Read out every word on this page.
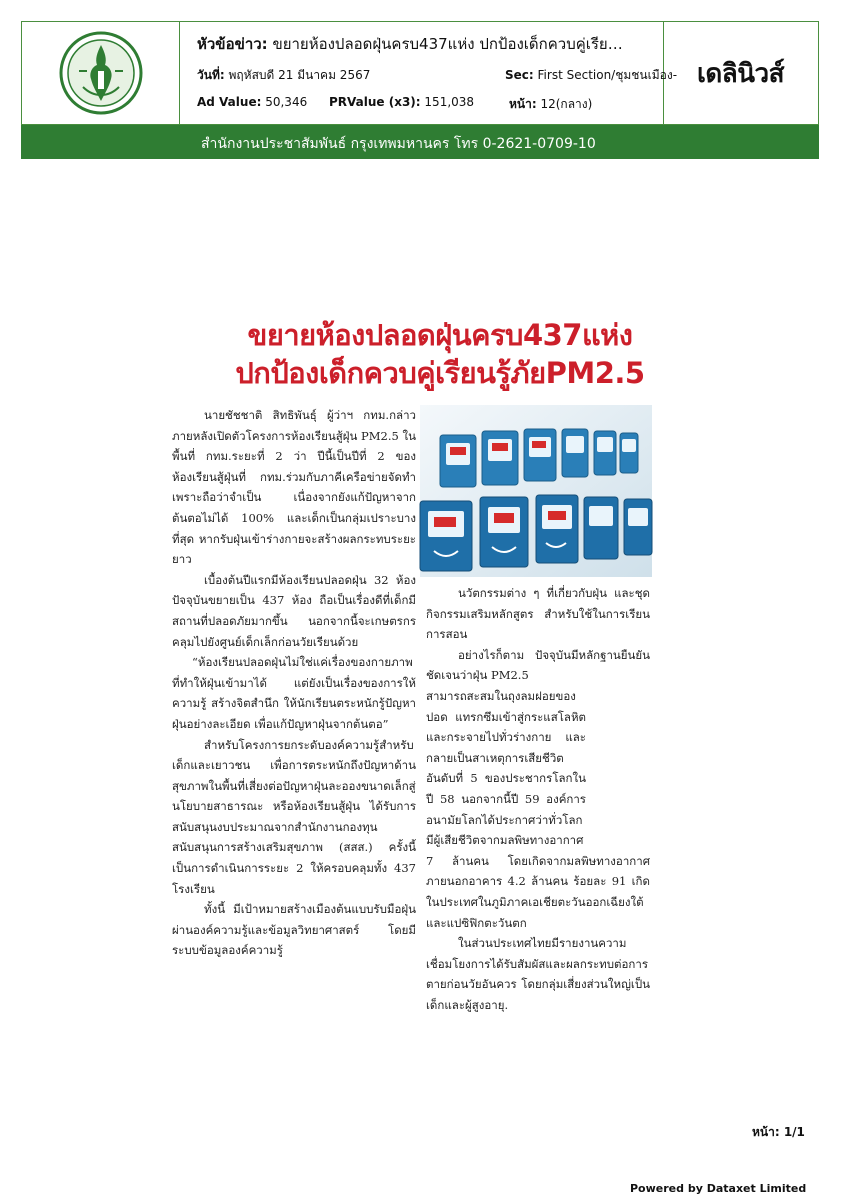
หัวข้อข่าว: ขยายห้องปลอดฝุ่นครบ437แห่ง ปกป้องเด็กควบคู่เรีย…
วันที่: พฤหัสบดี 21 มีนาคม 2567	Sec: First Section/ชุมชนเมือง-
Ad Value: 50,346 PRValue (x3): 151,038	หน้า: 12(กลาง)
เดลินิวส์
สำนักงานประชาสัมพันธ์ กรุงเทพมหานคร โทร 0-2621-0709-10
ขยายห้องปลอดฝุ่นครบ437แห่ง
ปกป้องเด็กควบคู่เรียนรู้ภัยPM2.5

นายชัชชาติ สิทธิพันธุ์ ผู้ว่าฯ กทม.กล่าวภายหลังเปิดตัวโครงการห้องเรียนสู้ฝุ่น PM2.5 ในพื้นที่ กทม.ระยะที่ 2 ว่า ปีนี้เป็นปีที่ 2 ของห้องเรียนสู้ฝุ่นที่ กทม.ร่วมกับภาคีเครือข่ายจัดทำ เพราะถือว่าจำเป็น เนื่องจากยังแก้ปัญหาจากต้นตอไม่ได้ 100% และเด็กเป็นกลุ่มเปราะบางที่สุด หากรับฝุ่นเข้าร่างกายจะสร้างผลกระทบระยะยาว

เบื้องต้นปีแรกมีห้องเรียนปลอดฝุ่น 32 ห้อง ปัจจุบันขยายเป็น 437 ห้อง ถือเป็นเรื่องดีที่เด็กมีสถานที่ปลอดภัยมากขึ้น นอกจากนี้จะเกษตรกรคลุมไปยังศูนย์เด็กเล็กก่อนวัยเรียนด้วย

“ห้องเรียนปลอดฝุ่นไม่ใช่แค่เรื่องของกายภาพที่ทำให้ฝุ่นเข้ามาได้ แต่ยังเป็นเรื่องของการให้ความรู้ สร้างจิตสำนึก ให้นักเรียนตระหนักรู้ปัญหาฝุ่นอย่างละเอียด เพื่อแก้ปัญหาฝุ่นจากต้นตอ”

สำหรับโครงการยกระดับองค์ความรู้สำหรับเด็กและเยาวชน เพื่อการตระหนักถึงปัญหาด้านสุขภาพในพื้นที่เสี่ยงต่อปัญหาฝุ่นละอองขนาดเล็กสู่นโยบายสาธารณะ หรือห้องเรียนสู้ฝุ่น ได้รับการสนับสนุนงบประมาณจากสำนักงานกองทุนสนับสนุนการสร้างเสริมสุขภาพ (สสส.) ครั้งนี้เป็นการดำเนินการระยะ 2 ให้ครอบคลุมทั้ง 437 โรงเรียน

ทั้งนี้ มีเป้าหมายสร้างเมืองต้นแบบรับมือฝุ่นผ่านองค์ความรู้และข้อมูลวิทยาศาสตร์ โดยมีระบบข้อมูลองค์ความรู้

นวัตกรรมต่าง ๆ ที่เกี่ยวกับฝุ่น และชุดกิจกรรมเสริมหลักสูตร สำหรับใช้ในการเรียนการสอน

อย่างไรก็ตาม ปัจจุบันมีหลักฐานยืนยันชัดเจนว่าฝุ่น PM2.5

สามารถสะสมในถุงลมฝอยของปอด แทรกซึมเข้าสู่กระแสโลหิต และกระจายไปทั่วร่างกาย และกลายเป็นสาเหตุการเสียชีวิตอันดับที่ 5 ของประชากรโลกในปี 58 นอกจากนี้ปี 59 องค์การอนามัยโลกได้ประกาศว่าทั่วโลกมีผู้เสียชีวิตจากมลพิษทางอากาศ

7 ล้านคน โดยเกิดจากมลพิษทางอากาศภายนอกอาคาร 4.2 ล้านคน ร้อยละ 91 เกิดในประเทศในภูมิภาคเอเชียตะวันออกเฉียงใต้และแปซิฟิกตะวันตก

ในส่วนประเทศไทยมีรายงานความเชื่อมโยงการได้รับสัมผัสและผลกระทบต่อการตายก่อนวัยอันควร โดยกลุ่มเสี่ยงส่วนใหญ่เป็นเด็กและผู้สูงอายุ.

หน้า: 1/1
Powered by Dataxet Limited
